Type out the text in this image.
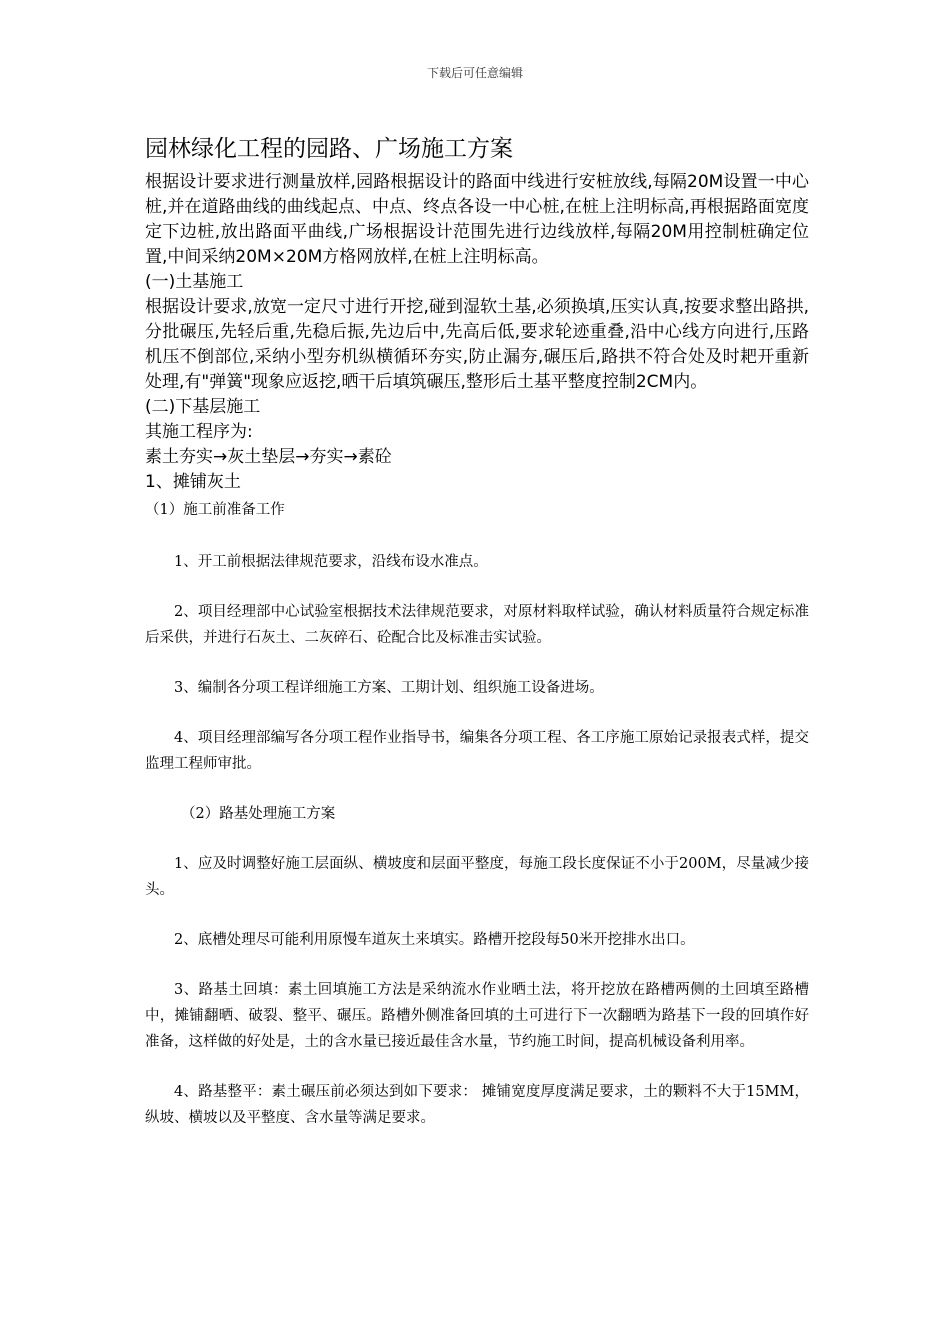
下载后可任意编辑
园林绿化工程的园路、广场施工方案

根据设计要求进行测量放样,园路根据设计的路面中线进行安桩放线,每隔20M设置一中心桩,并在道路曲线的曲线起点、中点、终点各设一中心桩,在桩上注明标高,再根据路面宽度定下边桩,放出路面平曲线,广场根据设计范围先进行边线放样,每隔20M用控制桩确定位置,中间采纳20M×20M方格网放样,在桩上注明标高。

(一)土基施工

根据设计要求,放宽一定尺寸进行开挖,碰到湿软土基,必须换填,压实认真,按要求整出路拱,分批碾压,先轻后重,先稳后振,先边后中,先高后低,要求轮迹重叠,沿中心线方向进行,压路机压不倒部位,采纳小型夯机纵横循环夯实,防止漏夯,碾压后,路拱不符合处及时耙开重新处理,有"弹簧"现象应返挖,晒干后填筑碾压,整形后土基平整度控制2CM内。

(二)下基层施工

其施工程序为:

素土夯实→灰土垫层→夯实→素砼

1、摊铺灰土

（1）施工前准备工作

1、开工前根据法律规范要求，沿线布设水准点。

2、项目经理部中心试验室根据技术法律规范要求，对原材料取样试验，确认材料质量符合规定标准后采供，并进行石灰土、二灰碎石、砼配合比及标准击实试验。

3、编制各分项工程详细施工方案、工期计划、组织施工设备进场。

4、项目经理部编写各分项工程作业指导书，编集各分项工程、各工序施工原始记录报表式样，提交监理工程师审批。

（2）路基处理施工方案

1、应及时调整好施工层面纵、横坡度和层面平整度，每施工段长度保证不小于200M，尽量减少接头。

2、底槽处理尽可能利用原慢车道灰土来填实。路槽开挖段每50米开挖排水出口。

3、路基土回填：素土回填施工方法是采纳流水作业晒土法，将开挖放在路槽两侧的土回填至路槽中，摊铺翻晒、破裂、整平、碾压。路槽外侧准备回填的土可进行下一次翻晒为路基下一段的回填作好准备，这样做的好处是，土的含水量已接近最佳含水量，节约施工时间，提高机械设备利用率。

4、路基整平：素土碾压前必须达到如下要求： 摊铺宽度厚度满足要求，土的颗料不大于15MM，纵坡、横坡以及平整度、含水量等满足要求。
